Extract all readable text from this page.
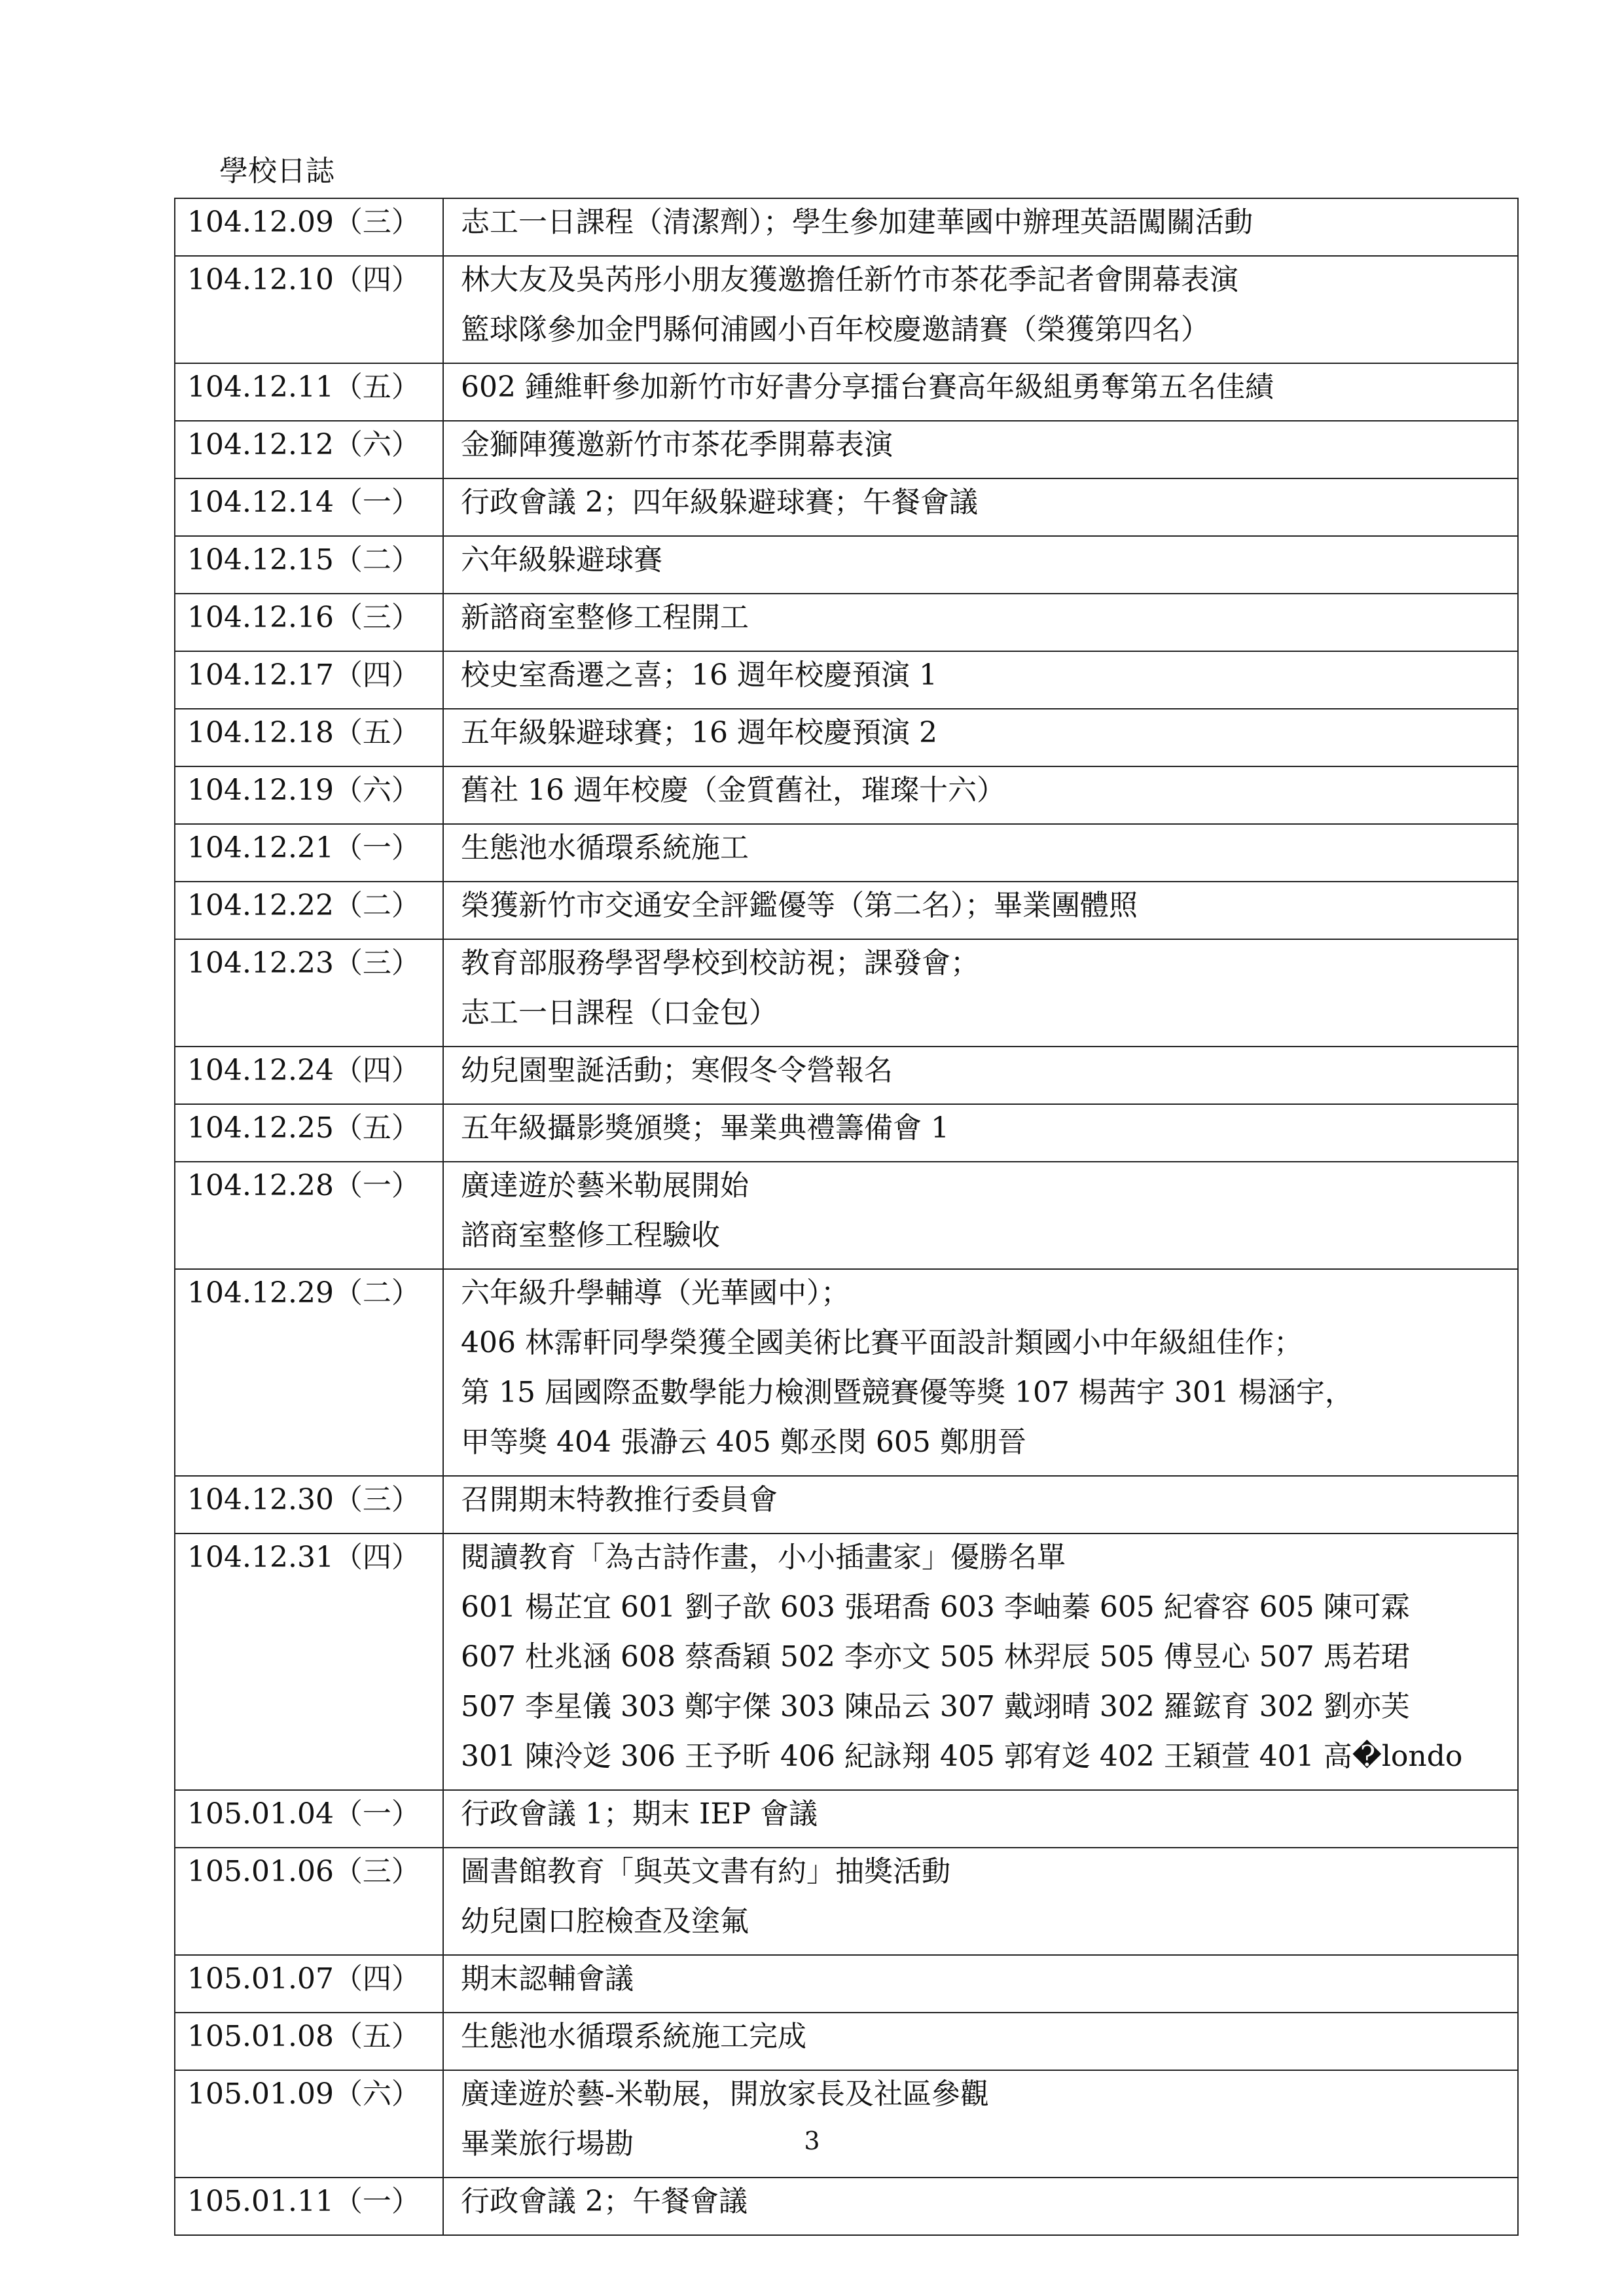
學校日誌
104.12.09（三）	志工一日課程（清潔劑）；學生參加建華國中辦理英語闖關活動

104.12.10（四）	林大友及吳芮彤小朋友獲邀擔任新竹市茶花季記者會開幕表演
籃球隊參加金門縣何浦國小百年校慶邀請賽（榮獲第四名）

104.12.11（五）	602 鍾維軒參加新竹市好書分享擂台賽高年級組勇奪第五名佳績

104.12.12（六）	金獅陣獲邀新竹市茶花季開幕表演

104.12.14（一）	行政會議 2；四年級躲避球賽；午餐會議

104.12.15（二）	六年級躲避球賽

104.12.16（三）	新諮商室整修工程開工

104.12.17（四）	校史室喬遷之喜；16 週年校慶預演 1

104.12.18（五）	五年級躲避球賽；16 週年校慶預演 2

104.12.19（六）	舊社 16 週年校慶（金質舊社，璀璨十六）

104.12.21（一）	生態池水循環系統施工

104.12.22（二）	榮獲新竹市交通安全評鑑優等（第二名）；畢業團體照

104.12.23（三）	教育部服務學習學校到校訪視；課發會；
志工一日課程（口金包）

104.12.24（四）	幼兒園聖誕活動；寒假冬令營報名

104.12.25（五）	五年級攝影獎頒獎；畢業典禮籌備會 1

104.12.28（一）	廣達遊於藝米勒展開始
諮商室整修工程驗收

104.12.29（二）	六年級升學輔導（光華國中）；
406 林霈軒同學榮獲全國美術比賽平面設計類國小中年級組佳作；
第 15 屆國際盃數學能力檢測暨競賽優等獎 107 楊茜宇 301 楊涵宇，
甲等獎 404 張瀞云 405 鄭丞閔 605 鄭朋晉

104.12.30（三）	召開期末特教推行委員會

104.12.31（四）	閱讀教育「為古詩作畫，小小插畫家」優勝名單
601 楊芷宜 601 劉子歆 603 張珺喬 603 李岫蓁 605 紀睿容 605 陳可霖
607 杜兆涵 608 蔡喬穎 502 李亦文 505 林羿辰 505 傅昱心 507 馬若珺
507 李星儀 303 鄭宇傑 303 陳品云 307 戴翊晴 302 羅鋐育 302 劉亦芙
301 陳泠彣 306 王予昕 406 紀詠翔 405 郭宥彣 402 王穎萱 401 高�londo

105.01.04（一）	行政會議 1；期末 IEP 會議

105.01.06（三）	圖書館教育「與英文書有約」抽獎活動
幼兒園口腔檢查及塗氟

105.01.07（四）	期末認輔會議

105.01.08（五）	生態池水循環系統施工完成

105.01.09（六）	廣達遊於藝-米勒展，開放家長及社區參觀
畢業旅行場勘

105.01.11（一）	行政會議 2；午餐會議
3
